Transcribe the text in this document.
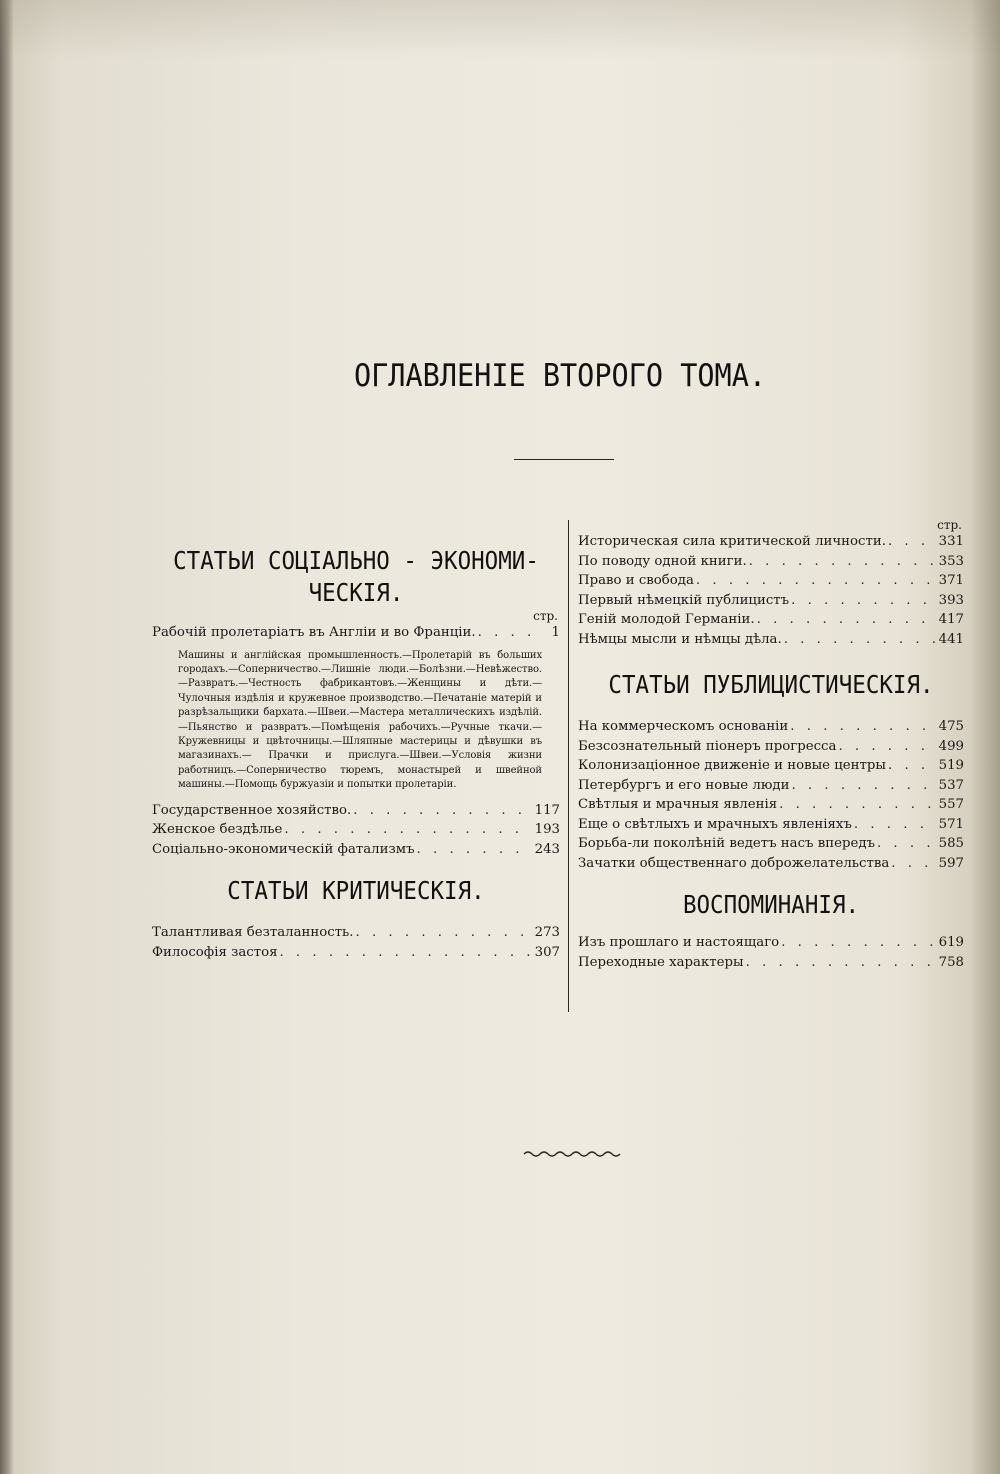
ОГЛАВЛЕНІЕ ВТОРОГО ТОМА.
СТАТЬИ СОЦІАЛЬНО - ЭКОНОМИ-
ЧЕСКІЯ.
стр.
Рабочій пролетаріатъ въ Англіи и во Франціи. . . .	1
Машины и англійская промышленность.—Пролетарій въ больших городахъ.—Соперничество.—Лишніе люди.—Болѣзни.—Невѣжество.—Развратъ.—Честность фабрикантовъ.—Женщины и дѣти.—Чулочныя издѣлія и кружевное производство.—Печатаніе матерій и разрѣзальщики бархата.—Швеи.—Мастера металлическихъ издѣлій.—Пьянство и развратъ.—Помѣщенія рабочихъ.—Ручные ткачи.—Кружевницы и цвѣточницы.—Шляпные мастерицы и дѣвушки въ магазинахъ.— Прачки и прислуга.—Швеи.—Условія жизни работницъ.—Соперничество тюремъ, монастырей и швейной машины.—Помощь буржуазіи и попытки пролетаріи.
Государственное хозяйство. . . .	117
Женское бездѣлье . . .	193
Соціально-экономическій фатализмъ . . .	243
СТАТЬИ КРИТИЧЕСКІЯ.
Талантливая безталанность. . . .	273
Философія застоя . . .	307
стр.
Историческая сила критической личности. . . .	331
По поводу одной книги. . . .	353
Право и свобода . . .	371
Первый нѣмецкій публицистъ . . .	393
Геній молодой Германіи. . . .	417
Нѣмцы мысли и нѣмцы дѣла. . . .	441
СТАТЬИ ПУБЛИЦИСТИЧЕСКІЯ.
На коммерческомъ основаніи . . .	475
Безсознательный піонеръ прогресса . . .	499
Колонизаціонное движеніе и новые центры . . .	519
Петербургъ и его новые люди . . .	537
Свѣтлыя и мрачныя явленія . . .	557
Еще о свѣтлыхъ и мрачныхъ явленіяхъ . . .	571
Борьба-ли поколѣній ведетъ насъ впередъ . . .	585
Зачатки общественнаго доброжелательства . . .	597
ВОСПОМИНАНІЯ.
Изъ прошлаго и настоящаго . . .	619
Переходные характеры . . .	758
